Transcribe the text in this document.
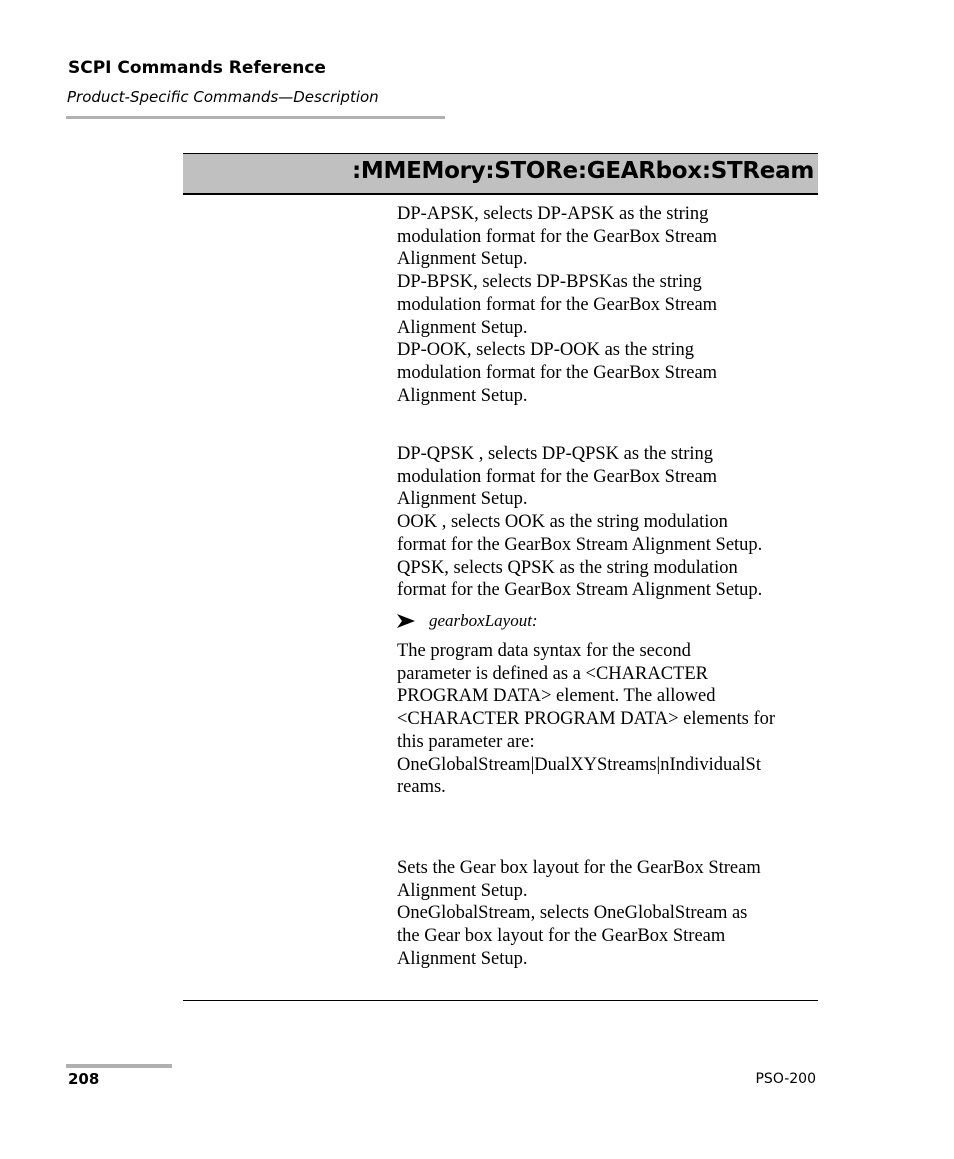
SCPI Commands Reference
Product-Specific Commands—Description
:MMEMory:STORe:GEARbox:STReam

DP-APSK, selects DP-APSK as the string

modulation format for the GearBox Stream

Alignment Setup.

DP-BPSK, selects DP-BPSKas the string

modulation format for the GearBox Stream

Alignment Setup.

DP-OOK, selects DP-OOK as the string

modulation format for the GearBox Stream

Alignment Setup.

DP-QPSK , selects DP-QPSK as the string

modulation format for the GearBox Stream

Alignment Setup.

OOK , selects OOK as the string modulation

format for the GearBox Stream Alignment Setup.

QPSK, selects QPSK as the string modulation

format for the GearBox Stream Alignment Setup.

gearboxLayout:

The program data syntax for the second

parameter is defined as a <CHARACTER

PROGRAM DATA> element. The allowed

<CHARACTER PROGRAM DATA> elements for

this parameter are:

OneGlobalStream|DualXYStreams|nIndividualSt

reams.

Sets the Gear box layout for the GearBox Stream

Alignment Setup.

OneGlobalStream, selects OneGlobalStream as

the Gear box layout for the GearBox Stream

Alignment Setup.

208	PSO-200
